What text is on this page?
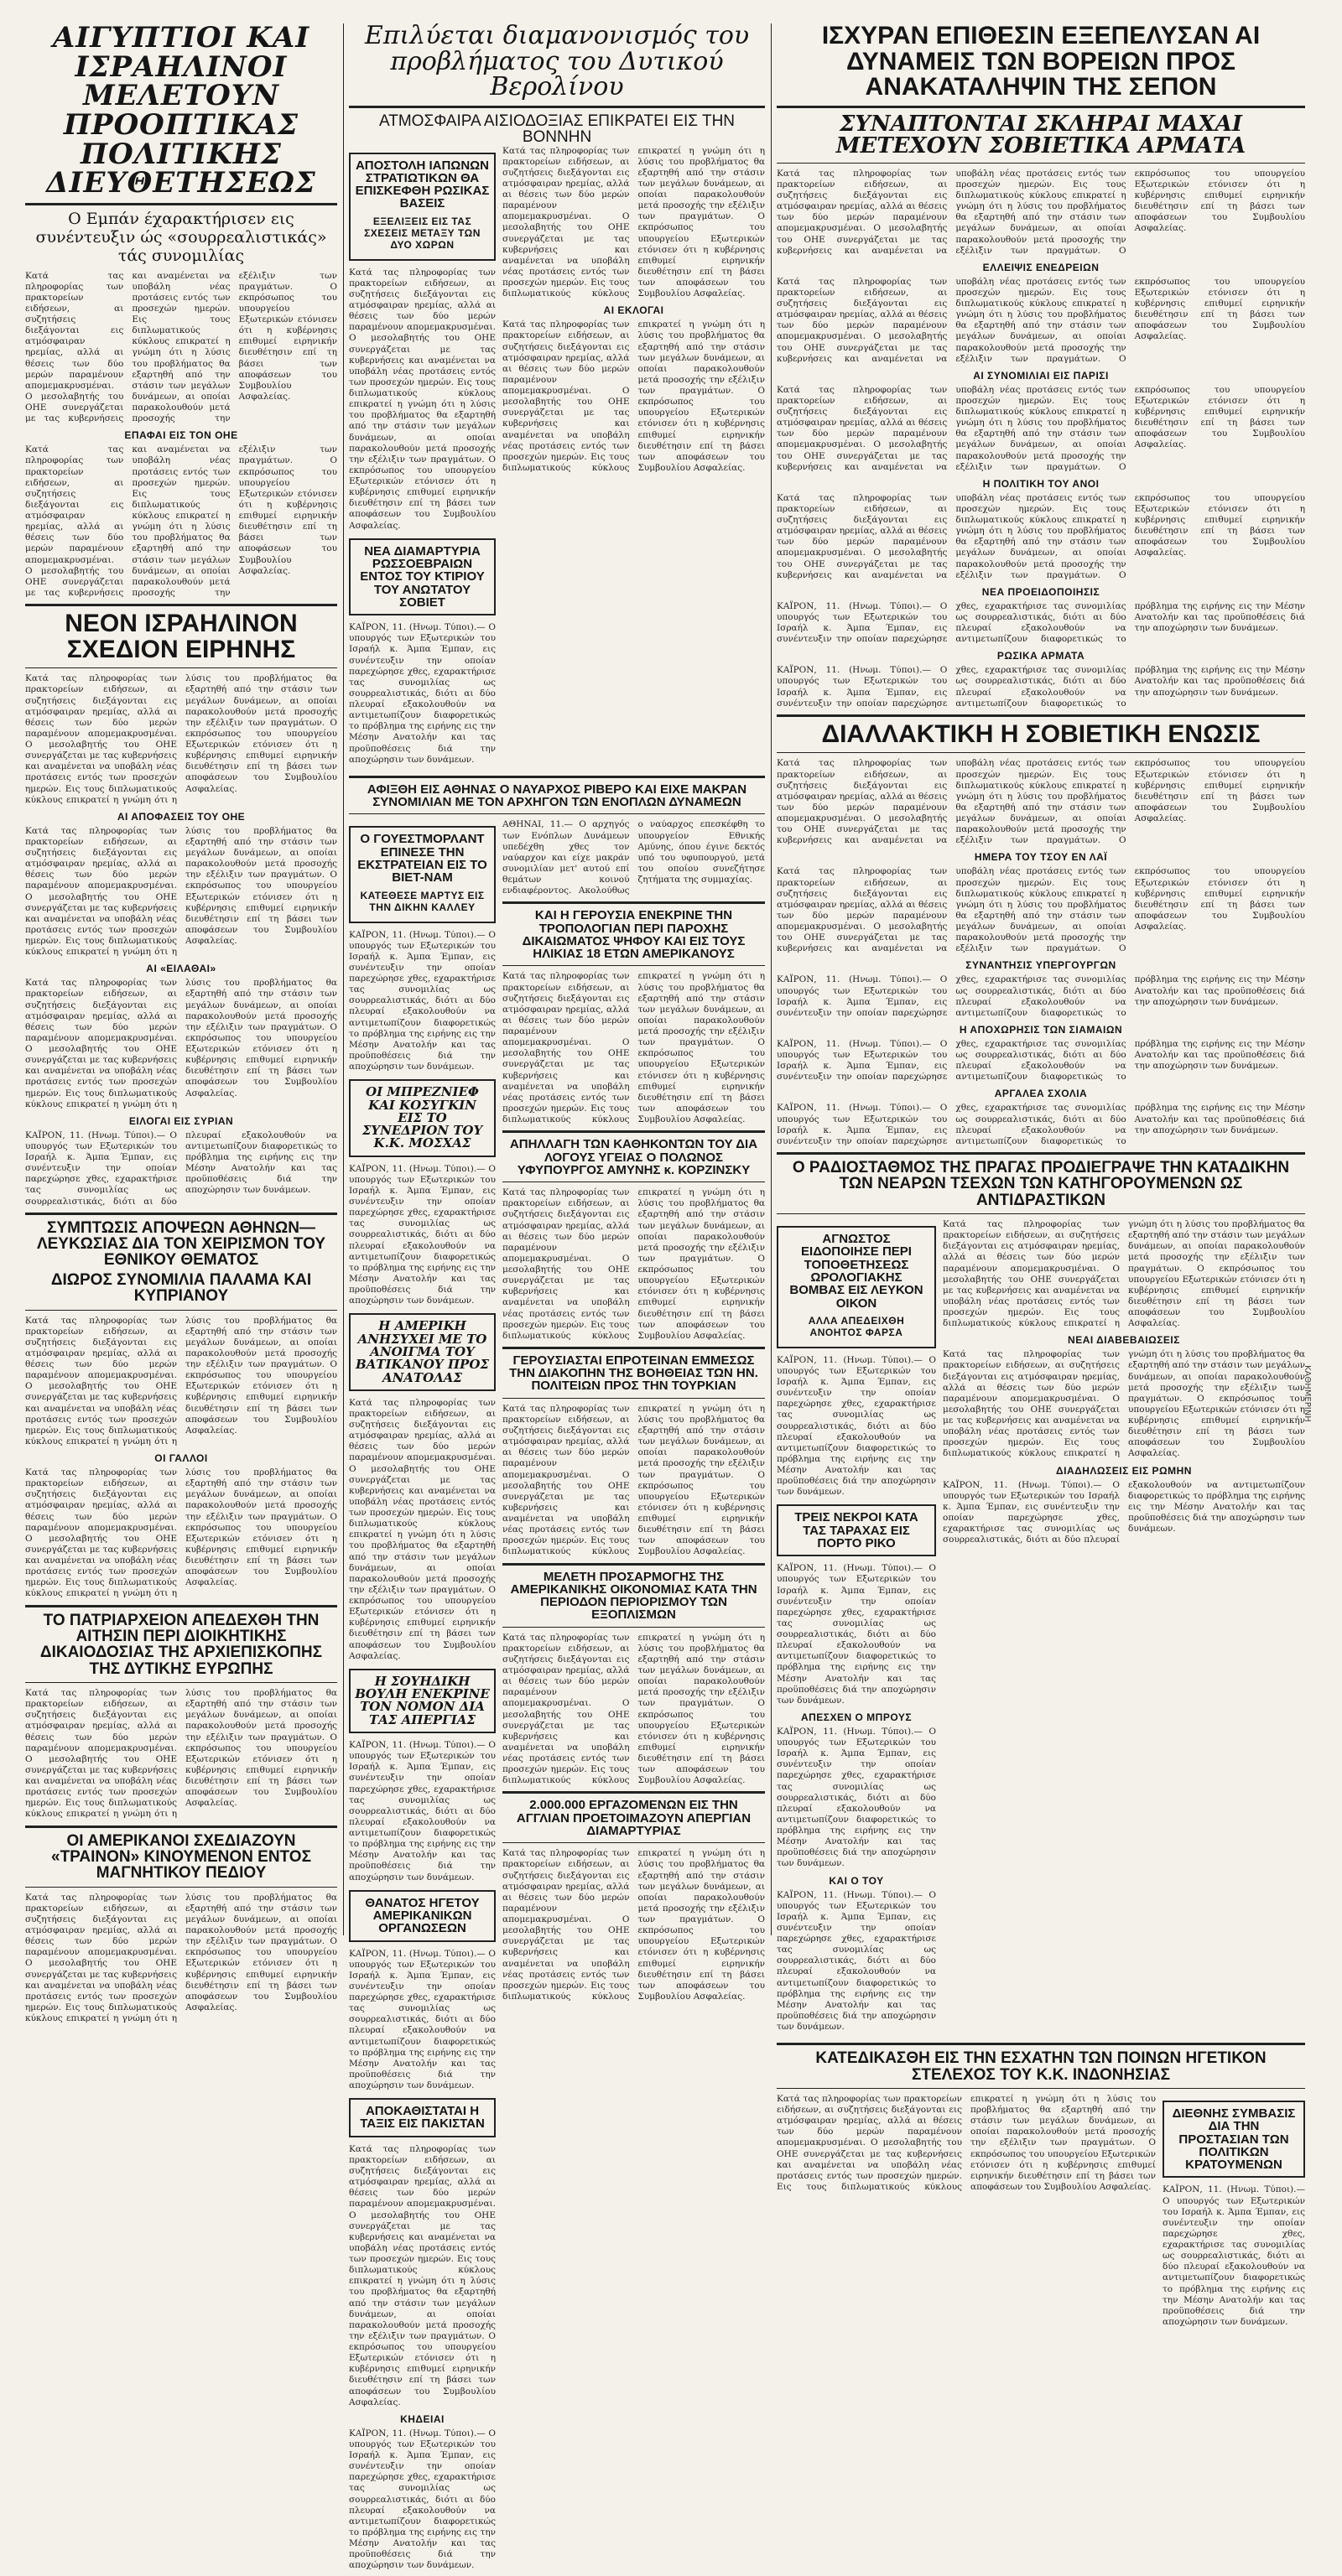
ΑΙΓΥΠΤΙΟΙ ΚΑΙ ΙΣΡΑΗΛΙΝΟΙ ΜΕΛΕΤΟΥΝ ΠΡΟΟΠΤΙΚΑΣ ΠΟΛΙΤΙΚΗΣ ΔΙΕΥΘΕΤΗΣΕΩΣ

Ο Εμπάν έχαρακτήρισεν εις συνέντευξιν ώς «σουρρεαλιστικάς» τάς συνομιλίας

Κατά τας πληροφορίας των πρακτορείων ειδήσεων, αι συζητήσεις διεξάγονται εις ατμόσφαιραν ηρεμίας, αλλά αι θέσεις των δύο μερών παραμένουν απομεμακρυσμέναι. Ο μεσολαβητής του ΟΗΕ συνεργάζεται με τας κυβερνήσεις και αναμένεται να υποβάλη νέας προτάσεις εντός των προσεχών ημερών. Εις τους διπλωματικούς κύκλους επικρατεί η γνώμη ότι η λύσις του προβλήματος θα εξαρτηθή από την στάσιν των μεγάλων δυνάμεων, αι οποίαι παρακολουθούν μετά προσοχής την εξέλιξιν των πραγμάτων. Ο εκπρόσωπος του υπουργείου Εξωτερικών ετόνισεν ότι η κυβέρνησις επιθυμεί ειρηνικήν διευθέτησιν επί τη βάσει των αποφάσεων του Συμβουλίου Ασφαλείας.
ΕΠΑΦΑΙ ΕΙΣ ΤΟΝ ΟΗΕ
Κατά τας πληροφορίας των πρακτορείων ειδήσεων, αι συζητήσεις διεξάγονται εις ατμόσφαιραν ηρεμίας, αλλά αι θέσεις των δύο μερών παραμένουν απομεμακρυσμέναι. Ο μεσολαβητής του ΟΗΕ συνεργάζεται με τας κυβερνήσεις και αναμένεται να υποβάλη νέας προτάσεις εντός των προσεχών ημερών. Εις τους διπλωματικούς κύκλους επικρατεί η γνώμη ότι η λύσις του προβλήματος θα εξαρτηθή από την στάσιν των μεγάλων δυνάμεων, αι οποίαι παρακολουθούν μετά προσοχής την εξέλιξιν των πραγμάτων. Ο εκπρόσωπος του υπουργείου Εξωτερικών ετόνισεν ότι η κυβέρνησις επιθυμεί ειρηνικήν διευθέτησιν επί τη βάσει των αποφάσεων του Συμβουλίου Ασφαλείας.
ΝΕΟΝ ΙΣΡΑΗΛΙΝΟΝ ΣΧΕΔΙΟΝ ΕΙΡΗΝΗΣ
Κατά τας πληροφορίας των πρακτορείων ειδήσεων, αι συζητήσεις διεξάγονται εις ατμόσφαιραν ηρεμίας, αλλά αι θέσεις των δύο μερών παραμένουν απομεμακρυσμέναι. Ο μεσολαβητής του ΟΗΕ συνεργάζεται με τας κυβερνήσεις και αναμένεται να υποβάλη νέας προτάσεις εντός των προσεχών ημερών. Εις τους διπλωματικούς κύκλους επικρατεί η γνώμη ότι η λύσις του προβλήματος θα εξαρτηθή από την στάσιν των μεγάλων δυνάμεων, αι οποίαι παρακολουθούν μετά προσοχής την εξέλιξιν των πραγμάτων. Ο εκπρόσωπος του υπουργείου Εξωτερικών ετόνισεν ότι η κυβέρνησις επιθυμεί ειρηνικήν διευθέτησιν επί τη βάσει των αποφάσεων του Συμβουλίου Ασφαλείας.
ΑΙ ΑΠΟΦΑΣΕΙΣ ΤΟΥ ΟΗΕ
Κατά τας πληροφορίας των πρακτορείων ειδήσεων, αι συζητήσεις διεξάγονται εις ατμόσφαιραν ηρεμίας, αλλά αι θέσεις των δύο μερών παραμένουν απομεμακρυσμέναι. Ο μεσολαβητής του ΟΗΕ συνεργάζεται με τας κυβερνήσεις και αναμένεται να υποβάλη νέας προτάσεις εντός των προσεχών ημερών. Εις τους διπλωματικούς κύκλους επικρατεί η γνώμη ότι η λύσις του προβλήματος θα εξαρτηθή από την στάσιν των μεγάλων δυνάμεων, αι οποίαι παρακολουθούν μετά προσοχής την εξέλιξιν των πραγμάτων. Ο εκπρόσωπος του υπουργείου Εξωτερικών ετόνισεν ότι η κυβέρνησις επιθυμεί ειρηνικήν διευθέτησιν επί τη βάσει των αποφάσεων του Συμβουλίου Ασφαλείας.
ΑΙ «ΕΙΛΑΘΑΙ»
Κατά τας πληροφορίας των πρακτορείων ειδήσεων, αι συζητήσεις διεξάγονται εις ατμόσφαιραν ηρεμίας, αλλά αι θέσεις των δύο μερών παραμένουν απομεμακρυσμέναι. Ο μεσολαβητής του ΟΗΕ συνεργάζεται με τας κυβερνήσεις και αναμένεται να υποβάλη νέας προτάσεις εντός των προσεχών ημερών. Εις τους διπλωματικούς κύκλους επικρατεί η γνώμη ότι η λύσις του προβλήματος θα εξαρτηθή από την στάσιν των μεγάλων δυνάμεων, αι οποίαι παρακολουθούν μετά προσοχής την εξέλιξιν των πραγμάτων. Ο εκπρόσωπος του υπουργείου Εξωτερικών ετόνισεν ότι η κυβέρνησις επιθυμεί ειρηνικήν διευθέτησιν επί τη βάσει των αποφάσεων του Συμβουλίου Ασφαλείας.
ΕΙΛΟΓΑΙ ΕΙΣ ΣΥΡΙΑΝ
ΚΑΪΡΟΝ, 11. (Ηνωμ. Τύποι).— Ο υπουργός των Εξωτερικών του Ισραήλ κ. Άμπα Έμπαν, εις συνέντευξιν την οποίαν παρεχώρησε χθες, εχαρακτήρισε τας συνομιλίας ως σουρρεαλιστικάς, διότι αι δύο πλευραί εξακολουθούν να αντιμετωπίζουν διαφορετικώς το πρόβλημα της ειρήνης εις την Μέσην Ανατολήν και τας προϋποθέσεις διά την αποχώρησιν των δυνάμεων.
ΣΥΜΠΤΩΣΙΣ ΑΠΟΨΕΩΝ ΑΘΗΝΩΝ—ΛΕΥΚΩΣΙΑΣ ΔΙΑ ΤΟΝ ΧΕΙΡΙΣΜΟΝ ΤΟΥ ΕΘΝΙΚΟΥ ΘΕΜΑΤΟΣ
ΔΙΩΡΟΣ ΣΥΝΟΜΙΛΙΑ ΠΑΛΑΜΑ ΚΑΙ ΚΥΠΡΙΑΝΟΥ
Κατά τας πληροφορίας των πρακτορείων ειδήσεων, αι συζητήσεις διεξάγονται εις ατμόσφαιραν ηρεμίας, αλλά αι θέσεις των δύο μερών παραμένουν απομεμακρυσμέναι. Ο μεσολαβητής του ΟΗΕ συνεργάζεται με τας κυβερνήσεις και αναμένεται να υποβάλη νέας προτάσεις εντός των προσεχών ημερών. Εις τους διπλωματικούς κύκλους επικρατεί η γνώμη ότι η λύσις του προβλήματος θα εξαρτηθή από την στάσιν των μεγάλων δυνάμεων, αι οποίαι παρακολουθούν μετά προσοχής την εξέλιξιν των πραγμάτων. Ο εκπρόσωπος του υπουργείου Εξωτερικών ετόνισεν ότι η κυβέρνησις επιθυμεί ειρηνικήν διευθέτησιν επί τη βάσει των αποφάσεων του Συμβουλίου Ασφαλείας.
ΟΙ ΓΑΛΛΟΙ
Κατά τας πληροφορίας των πρακτορείων ειδήσεων, αι συζητήσεις διεξάγονται εις ατμόσφαιραν ηρεμίας, αλλά αι θέσεις των δύο μερών παραμένουν απομεμακρυσμέναι. Ο μεσολαβητής του ΟΗΕ συνεργάζεται με τας κυβερνήσεις και αναμένεται να υποβάλη νέας προτάσεις εντός των προσεχών ημερών. Εις τους διπλωματικούς κύκλους επικρατεί η γνώμη ότι η λύσις του προβλήματος θα εξαρτηθή από την στάσιν των μεγάλων δυνάμεων, αι οποίαι παρακολουθούν μετά προσοχής την εξέλιξιν των πραγμάτων. Ο εκπρόσωπος του υπουργείου Εξωτερικών ετόνισεν ότι η κυβέρνησις επιθυμεί ειρηνικήν διευθέτησιν επί τη βάσει των αποφάσεων του Συμβουλίου Ασφαλείας.
ΤΟ ΠΑΤΡΙΑΡΧΕΙΟΝ ΑΠΕΔΕΧΘΗ ΤΗΝ ΑΙΤΗΣΙΝ ΠΕΡΙ ΔΙΟΙΚΗΤΙΚΗΣ ΔΙΚΑΙΟΔΟΣΙΑΣ ΤΗΣ ΑΡΧΙΕΠΙΣΚΟΠΗΣ ΤΗΣ ΔΥΤΙΚΗΣ ΕΥΡΩΠΗΣ
Κατά τας πληροφορίας των πρακτορείων ειδήσεων, αι συζητήσεις διεξάγονται εις ατμόσφαιραν ηρεμίας, αλλά αι θέσεις των δύο μερών παραμένουν απομεμακρυσμέναι. Ο μεσολαβητής του ΟΗΕ συνεργάζεται με τας κυβερνήσεις και αναμένεται να υποβάλη νέας προτάσεις εντός των προσεχών ημερών. Εις τους διπλωματικούς κύκλους επικρατεί η γνώμη ότι η λύσις του προβλήματος θα εξαρτηθή από την στάσιν των μεγάλων δυνάμεων, αι οποίαι παρακολουθούν μετά προσοχής την εξέλιξιν των πραγμάτων. Ο εκπρόσωπος του υπουργείου Εξωτερικών ετόνισεν ότι η κυβέρνησις επιθυμεί ειρηνικήν διευθέτησιν επί τη βάσει των αποφάσεων του Συμβουλίου Ασφαλείας.
ΟΙ ΑΜΕΡΙΚΑΝΟΙ ΣΧΕΔΙΑΖΟΥΝ «ΤΡΑΙΝΟΝ» ΚΙΝΟΥΜΕΝΟΝ ΕΝΤΟΣ ΜΑΓΝΗΤΙΚΟΥ ΠΕΔΙΟΥ
Κατά τας πληροφορίας των πρακτορείων ειδήσεων, αι συζητήσεις διεξάγονται εις ατμόσφαιραν ηρεμίας, αλλά αι θέσεις των δύο μερών παραμένουν απομεμακρυσμέναι. Ο μεσολαβητής του ΟΗΕ συνεργάζεται με τας κυβερνήσεις και αναμένεται να υποβάλη νέας προτάσεις εντός των προσεχών ημερών. Εις τους διπλωματικούς κύκλους επικρατεί η γνώμη ότι η λύσις του προβλήματος θα εξαρτηθή από την στάσιν των μεγάλων δυνάμεων, αι οποίαι παρακολουθούν μετά προσοχής την εξέλιξιν των πραγμάτων. Ο εκπρόσωπος του υπουργείου Εξωτερικών ετόνισεν ότι η κυβέρνησις επιθυμεί ειρηνικήν διευθέτησιν επί τη βάσει των αποφάσεων του Συμβουλίου Ασφαλείας.
Επιλύεται διαμανονισμός του προβλήματος του Δυτικού Βερολίνου
ΑΤΜΟΣΦΑΙΡΑ ΑΙΣΙΟΔΟΞΙΑΣ ΕΠΙΚΡΑΤΕΙ ΕΙΣ ΤΗΝ ΒΟΝΝΗΝ
ΑΠΟΣΤΟΛΗ ΙΑΠΩΝΩΝ ΣΤΡΑΤΙΩΤΙΚΩΝ ΘΑ ΕΠΙΣΚΕΦΘΗ ΡΩΣΙΚΑΣ ΒΑΣΕΙΣ
ΕΞΕΛΙΞΕΙΣ ΕΙΣ ΤΑΣ ΣΧΕΣΕΙΣ ΜΕΤΑΞΥ ΤΩΝ ΔΥΟ ΧΩΡΩΝ
Κατά τας πληροφορίας των πρακτορείων ειδήσεων, αι συζητήσεις διεξάγονται εις ατμόσφαιραν ηρεμίας, αλλά αι θέσεις των δύο μερών παραμένουν απομεμακρυσμέναι. Ο μεσολαβητής του ΟΗΕ συνεργάζεται με τας κυβερνήσεις και αναμένεται να υποβάλη νέας προτάσεις εντός των προσεχών ημερών. Εις τους διπλωματικούς κύκλους επικρατεί η γνώμη ότι η λύσις του προβλήματος θα εξαρτηθή από την στάσιν των μεγάλων δυνάμεων, αι οποίαι παρακολουθούν μετά προσοχής την εξέλιξιν των πραγμάτων. Ο εκπρόσωπος του υπουργείου Εξωτερικών ετόνισεν ότι η κυβέρνησις επιθυμεί ειρηνικήν διευθέτησιν επί τη βάσει των αποφάσεων του Συμβουλίου Ασφαλείας.
ΝΕΑ ΔΙΑΜΑΡΤΥΡΙΑ ΡΩΣΣΟΕΒΡΑΙΩΝ ΕΝΤΟΣ ΤΟΥ ΚΤΙΡΙΟΥ ΤΟΥ ΑΝΩΤΑΤΟΥ ΣΟΒΙΕΤ
ΚΑΪΡΟΝ, 11. (Ηνωμ. Τύποι).— Ο υπουργός των Εξωτερικών του Ισραήλ κ. Άμπα Έμπαν, εις συνέντευξιν την οποίαν παρεχώρησε χθες, εχαρακτήρισε τας συνομιλίας ως σουρρεαλιστικάς, διότι αι δύο πλευραί εξακολουθούν να αντιμετωπίζουν διαφορετικώς το πρόβλημα της ειρήνης εις την Μέσην Ανατολήν και τας προϋποθέσεις διά την αποχώρησιν των δυνάμεων.
Κατά τας πληροφορίας των πρακτορείων ειδήσεων, αι συζητήσεις διεξάγονται εις ατμόσφαιραν ηρεμίας, αλλά αι θέσεις των δύο μερών παραμένουν απομεμακρυσμέναι. Ο μεσολαβητής του ΟΗΕ συνεργάζεται με τας κυβερνήσεις και αναμένεται να υποβάλη νέας προτάσεις εντός των προσεχών ημερών. Εις τους διπλωματικούς κύκλους επικρατεί η γνώμη ότι η λύσις του προβλήματος θα εξαρτηθή από την στάσιν των μεγάλων δυνάμεων, αι οποίαι παρακολουθούν μετά προσοχής την εξέλιξιν των πραγμάτων. Ο εκπρόσωπος του υπουργείου Εξωτερικών ετόνισεν ότι η κυβέρνησις επιθυμεί ειρηνικήν διευθέτησιν επί τη βάσει των αποφάσεων του Συμβουλίου Ασφαλείας.
ΑΙ ΕΚΛΟΓΑΙ
Κατά τας πληροφορίας των πρακτορείων ειδήσεων, αι συζητήσεις διεξάγονται εις ατμόσφαιραν ηρεμίας, αλλά αι θέσεις των δύο μερών παραμένουν απομεμακρυσμέναι. Ο μεσολαβητής του ΟΗΕ συνεργάζεται με τας κυβερνήσεις και αναμένεται να υποβάλη νέας προτάσεις εντός των προσεχών ημερών. Εις τους διπλωματικούς κύκλους επικρατεί η γνώμη ότι η λύσις του προβλήματος θα εξαρτηθή από την στάσιν των μεγάλων δυνάμεων, αι οποίαι παρακολουθούν μετά προσοχής την εξέλιξιν των πραγμάτων. Ο εκπρόσωπος του υπουργείου Εξωτερικών ετόνισεν ότι η κυβέρνησις επιθυμεί ειρηνικήν διευθέτησιν επί τη βάσει των αποφάσεων του Συμβουλίου Ασφαλείας.
ΑΦΙΞΘΗ ΕΙΣ ΑΘΗΝΑΣ Ο ΝΑΥΑΡΧΟΣ ΡΙΒΕΡΟ ΚΑΙ ΕΙΧΕ ΜΑΚΡΑΝ ΣΥΝΟΜΙΛΙΑΝ ΜΕ ΤΟΝ ΑΡΧΗΓΟΝ ΤΩΝ ΕΝΟΠΛΩΝ ΔΥΝΑΜΕΩΝ
Ο ΓΟΥΕΣΤΜΟΡΛΑΝΤ ΕΠΙΝΕΣΕ ΤΗΝ ΕΚΣΤΡΑΤΕΙΑΝ ΕΙΣ ΤΟ ΒΙΕΤ-ΝΑΜ
ΚΑΤΕΘΕΣΕ ΜΑΡΤΥΣ ΕΙΣ ΤΗΝ ΔΙΚΗΝ ΚΑΛΛΕΥ
ΚΑΪΡΟΝ, 11. (Ηνωμ. Τύποι).— Ο υπουργός των Εξωτερικών του Ισραήλ κ. Άμπα Έμπαν, εις συνέντευξιν την οποίαν παρεχώρησε χθες, εχαρακτήρισε τας συνομιλίας ως σουρρεαλιστικάς, διότι αι δύο πλευραί εξακολουθούν να αντιμετωπίζουν διαφορετικώς το πρόβλημα της ειρήνης εις την Μέσην Ανατολήν και τας προϋποθέσεις διά την αποχώρησιν των δυνάμεων.
ΟΙ ΜΠΡΕΖΝΙΕΦ ΚΑΙ ΚΟΣΥΓΚΙΝ ΕΙΣ ΤΟ ΣΥΝΕΔΡΙΟΝ ΤΟΥ Κ.Κ. ΜΟΣΧΑΣ
ΚΑΪΡΟΝ, 11. (Ηνωμ. Τύποι).— Ο υπουργός των Εξωτερικών του Ισραήλ κ. Άμπα Έμπαν, εις συνέντευξιν την οποίαν παρεχώρησε χθες, εχαρακτήρισε τας συνομιλίας ως σουρρεαλιστικάς, διότι αι δύο πλευραί εξακολουθούν να αντιμετωπίζουν διαφορετικώς το πρόβλημα της ειρήνης εις την Μέσην Ανατολήν και τας προϋποθέσεις διά την αποχώρησιν των δυνάμεων.
Η ΑΜΕΡΙΚΗ ΑΝΗΣΥΧΕΙ ΜΕ ΤΟ ΑΝΟΙΓΜΑ ΤΟΥ ΒΑΤΙΚΑΝΟΥ ΠΡΟΣ ΑΝΑΤΟΛΑΣ
Κατά τας πληροφορίας των πρακτορείων ειδήσεων, αι συζητήσεις διεξάγονται εις ατμόσφαιραν ηρεμίας, αλλά αι θέσεις των δύο μερών παραμένουν απομεμακρυσμέναι. Ο μεσολαβητής του ΟΗΕ συνεργάζεται με τας κυβερνήσεις και αναμένεται να υποβάλη νέας προτάσεις εντός των προσεχών ημερών. Εις τους διπλωματικούς κύκλους επικρατεί η γνώμη ότι η λύσις του προβλήματος θα εξαρτηθή από την στάσιν των μεγάλων δυνάμεων, αι οποίαι παρακολουθούν μετά προσοχής την εξέλιξιν των πραγμάτων. Ο εκπρόσωπος του υπουργείου Εξωτερικών ετόνισεν ότι η κυβέρνησις επιθυμεί ειρηνικήν διευθέτησιν επί τη βάσει των αποφάσεων του Συμβουλίου Ασφαλείας.
Η ΣΟΥΗΔΙΚΗ ΒΟΥΛΗ ΕΝΕΚΡΙΝΕ ΤΟΝ ΝΟΜΟΝ ΔΙΑ ΤΑΣ ΑΠΕΡΓΙΑΣ
ΚΑΪΡΟΝ, 11. (Ηνωμ. Τύποι).— Ο υπουργός των Εξωτερικών του Ισραήλ κ. Άμπα Έμπαν, εις συνέντευξιν την οποίαν παρεχώρησε χθες, εχαρακτήρισε τας συνομιλίας ως σουρρεαλιστικάς, διότι αι δύο πλευραί εξακολουθούν να αντιμετωπίζουν διαφορετικώς το πρόβλημα της ειρήνης εις την Μέσην Ανατολήν και τας προϋποθέσεις διά την αποχώρησιν των δυνάμεων.
ΘΑΝΑΤΟΣ ΗΓΕΤΟΥ ΑΜΕΡΙΚΑΝΙΚΩΝ ΟΡΓΑΝΩΣΕΩΝ
ΚΑΪΡΟΝ, 11. (Ηνωμ. Τύποι).— Ο υπουργός των Εξωτερικών του Ισραήλ κ. Άμπα Έμπαν, εις συνέντευξιν την οποίαν παρεχώρησε χθες, εχαρακτήρισε τας συνομιλίας ως σουρρεαλιστικάς, διότι αι δύο πλευραί εξακολουθούν να αντιμετωπίζουν διαφορετικώς το πρόβλημα της ειρήνης εις την Μέσην Ανατολήν και τας προϋποθέσεις διά την αποχώρησιν των δυνάμεων.
ΑΠΟΚΑΘΙΣΤΑΤΑΙ Η ΤΑΞΙΣ ΕΙΣ ΠΑΚΙΣΤΑΝ
Κατά τας πληροφορίας των πρακτορείων ειδήσεων, αι συζητήσεις διεξάγονται εις ατμόσφαιραν ηρεμίας, αλλά αι θέσεις των δύο μερών παραμένουν απομεμακρυσμέναι. Ο μεσολαβητής του ΟΗΕ συνεργάζεται με τας κυβερνήσεις και αναμένεται να υποβάλη νέας προτάσεις εντός των προσεχών ημερών. Εις τους διπλωματικούς κύκλους επικρατεί η γνώμη ότι η λύσις του προβλήματος θα εξαρτηθή από την στάσιν των μεγάλων δυνάμεων, αι οποίαι παρακολουθούν μετά προσοχής την εξέλιξιν των πραγμάτων. Ο εκπρόσωπος του υπουργείου Εξωτερικών ετόνισεν ότι η κυβέρνησις επιθυμεί ειρηνικήν διευθέτησιν επί τη βάσει των αποφάσεων του Συμβουλίου Ασφαλείας.
ΚΗΔΕΙΑΙ
ΚΑΪΡΟΝ, 11. (Ηνωμ. Τύποι).— Ο υπουργός των Εξωτερικών του Ισραήλ κ. Άμπα Έμπαν, εις συνέντευξιν την οποίαν παρεχώρησε χθες, εχαρακτήρισε τας συνομιλίας ως σουρρεαλιστικάς, διότι αι δύο πλευραί εξακολουθούν να αντιμετωπίζουν διαφορετικώς το πρόβλημα της ειρήνης εις την Μέσην Ανατολήν και τας προϋποθέσεις διά την αποχώρησιν των δυνάμεων.
ΑΘΗΝΑΙ, 11.— Ο αρχηγός των Ενόπλων Δυνάμεων υπεδέχθη χθες τον ναύαρχον και είχε μακράν συνομιλίαν μετ' αυτού επί θεμάτων κοινού ενδιαφέροντος. Ακολούθως ο ναύαρχος επεσκέφθη το υπουργείον Εθνικής Αμύνης, όπου έγινε δεκτός υπό του υφυπουργού, μετά του οποίου συνεζήτησε ζητήματα της συμμαχίας.
ΚΑΙ Η ΓΕΡΟΥΣΙΑ ΕΝΕΚΡΙΝΕ ΤΗΝ ΤΡΟΠΟΛΟΓΙΑΝ ΠΕΡΙ ΠΑΡΟΧΗΣ ΔΙΚΑΙΩΜΑΤΟΣ ΨΗΦΟΥ ΚΑΙ ΕΙΣ ΤΟΥΣ ΗΛΙΚΙΑΣ 18 ΕΤΩΝ ΑΜΕΡΙΚΑΝΟΥΣ
Κατά τας πληροφορίας των πρακτορείων ειδήσεων, αι συζητήσεις διεξάγονται εις ατμόσφαιραν ηρεμίας, αλλά αι θέσεις των δύο μερών παραμένουν απομεμακρυσμέναι. Ο μεσολαβητής του ΟΗΕ συνεργάζεται με τας κυβερνήσεις και αναμένεται να υποβάλη νέας προτάσεις εντός των προσεχών ημερών. Εις τους διπλωματικούς κύκλους επικρατεί η γνώμη ότι η λύσις του προβλήματος θα εξαρτηθή από την στάσιν των μεγάλων δυνάμεων, αι οποίαι παρακολουθούν μετά προσοχής την εξέλιξιν των πραγμάτων. Ο εκπρόσωπος του υπουργείου Εξωτερικών ετόνισεν ότι η κυβέρνησις επιθυμεί ειρηνικήν διευθέτησιν επί τη βάσει των αποφάσεων του Συμβουλίου Ασφαλείας.
ΑΠΗΛΛΑΓΗ ΤΩΝ ΚΑΘΗΚΟΝΤΩΝ ΤΟΥ ΔΙΑ ΛΟΓΟΥΣ ΥΓΕΙΑΣ Ο ΠΟΛΩΝΟΣ ΥΦΥΠΟΥΡΓΟΣ ΑΜΥΝΗΣ κ. ΚΟΡΖΙΝΣΚΥ
Κατά τας πληροφορίας των πρακτορείων ειδήσεων, αι συζητήσεις διεξάγονται εις ατμόσφαιραν ηρεμίας, αλλά αι θέσεις των δύο μερών παραμένουν απομεμακρυσμέναι. Ο μεσολαβητής του ΟΗΕ συνεργάζεται με τας κυβερνήσεις και αναμένεται να υποβάλη νέας προτάσεις εντός των προσεχών ημερών. Εις τους διπλωματικούς κύκλους επικρατεί η γνώμη ότι η λύσις του προβλήματος θα εξαρτηθή από την στάσιν των μεγάλων δυνάμεων, αι οποίαι παρακολουθούν μετά προσοχής την εξέλιξιν των πραγμάτων. Ο εκπρόσωπος του υπουργείου Εξωτερικών ετόνισεν ότι η κυβέρνησις επιθυμεί ειρηνικήν διευθέτησιν επί τη βάσει των αποφάσεων του Συμβουλίου Ασφαλείας.
ΓΕΡΟΥΣΙΑΣΤΑΙ ΕΠΡΟΤΕΙΝΑΝ ΕΜΜΕΣΩΣ ΤΗΝ ΔΙΑΚΟΠΗΝ ΤΗΣ ΒΟΗΘΕΙΑΣ ΤΩΝ ΗΝ. ΠΟΛΙΤΕΙΩΝ ΠΡΟΣ ΤΗΝ ΤΟΥΡΚΙΑΝ
Κατά τας πληροφορίας των πρακτορείων ειδήσεων, αι συζητήσεις διεξάγονται εις ατμόσφαιραν ηρεμίας, αλλά αι θέσεις των δύο μερών παραμένουν απομεμακρυσμέναι. Ο μεσολαβητής του ΟΗΕ συνεργάζεται με τας κυβερνήσεις και αναμένεται να υποβάλη νέας προτάσεις εντός των προσεχών ημερών. Εις τους διπλωματικούς κύκλους επικρατεί η γνώμη ότι η λύσις του προβλήματος θα εξαρτηθή από την στάσιν των μεγάλων δυνάμεων, αι οποίαι παρακολουθούν μετά προσοχής την εξέλιξιν των πραγμάτων. Ο εκπρόσωπος του υπουργείου Εξωτερικών ετόνισεν ότι η κυβέρνησις επιθυμεί ειρηνικήν διευθέτησιν επί τη βάσει των αποφάσεων του Συμβουλίου Ασφαλείας.
ΜΕΛΕΤΗ ΠΡΟΣΑΡΜΟΓΗΣ ΤΗΣ ΑΜΕΡΙΚΑΝΙΚΗΣ ΟΙΚΟΝΟΜΙΑΣ ΚΑΤΑ ΤΗΝ ΠΕΡΙΟΔΟΝ ΠΕΡΙΟΡΙΣΜΟΥ ΤΩΝ ΕΞΟΠΛΙΣΜΩΝ
Κατά τας πληροφορίας των πρακτορείων ειδήσεων, αι συζητήσεις διεξάγονται εις ατμόσφαιραν ηρεμίας, αλλά αι θέσεις των δύο μερών παραμένουν απομεμακρυσμέναι. Ο μεσολαβητής του ΟΗΕ συνεργάζεται με τας κυβερνήσεις και αναμένεται να υποβάλη νέας προτάσεις εντός των προσεχών ημερών. Εις τους διπλωματικούς κύκλους επικρατεί η γνώμη ότι η λύσις του προβλήματος θα εξαρτηθή από την στάσιν των μεγάλων δυνάμεων, αι οποίαι παρακολουθούν μετά προσοχής την εξέλιξιν των πραγμάτων. Ο εκπρόσωπος του υπουργείου Εξωτερικών ετόνισεν ότι η κυβέρνησις επιθυμεί ειρηνικήν διευθέτησιν επί τη βάσει των αποφάσεων του Συμβουλίου Ασφαλείας.
2.000.000 ΕΡΓΑΖΟΜΕΝΩΝ ΕΙΣ ΤΗΝ ΑΓΓΛΙΑΝ ΠΡΟΕΤΟΙΜΑΖΟΥΝ ΑΠΕΡΓΙΑΝ ΔΙΑΜΑΡΤΥΡΙΑΣ
Κατά τας πληροφορίας των πρακτορείων ειδήσεων, αι συζητήσεις διεξάγονται εις ατμόσφαιραν ηρεμίας, αλλά αι θέσεις των δύο μερών παραμένουν απομεμακρυσμέναι. Ο μεσολαβητής του ΟΗΕ συνεργάζεται με τας κυβερνήσεις και αναμένεται να υποβάλη νέας προτάσεις εντός των προσεχών ημερών. Εις τους διπλωματικούς κύκλους επικρατεί η γνώμη ότι η λύσις του προβλήματος θα εξαρτηθή από την στάσιν των μεγάλων δυνάμεων, αι οποίαι παρακολουθούν μετά προσοχής την εξέλιξιν των πραγμάτων. Ο εκπρόσωπος του υπουργείου Εξωτερικών ετόνισεν ότι η κυβέρνησις επιθυμεί ειρηνικήν διευθέτησιν επί τη βάσει των αποφάσεων του Συμβουλίου Ασφαλείας.
ΙΣΧΥΡΑΝ ΕΠΙΘΕΣΙΝ ΕΞΕΠΕΛΥΣΑΝ ΑΙ ΔΥΝΑΜΕΙΣ ΤΩΝ ΒΟΡΕΙΩΝ ΠΡΟΣ ΑΝΑΚΑΤΑΛΗΨΙΝ ΤΗΣ ΣΕΠΟΝ
ΣΥΝΑΠΤΟΝΤΑΙ ΣΚΛΗΡΑΙ ΜΑΧΑΙ ΜΕΤΕΧΟΥΝ ΣΟΒΙΕΤΙΚΑ ΑΡΜΑΤΑ
Κατά τας πληροφορίας των πρακτορείων ειδήσεων, αι συζητήσεις διεξάγονται εις ατμόσφαιραν ηρεμίας, αλλά αι θέσεις των δύο μερών παραμένουν απομεμακρυσμέναι. Ο μεσολαβητής του ΟΗΕ συνεργάζεται με τας κυβερνήσεις και αναμένεται να υποβάλη νέας προτάσεις εντός των προσεχών ημερών. Εις τους διπλωματικούς κύκλους επικρατεί η γνώμη ότι η λύσις του προβλήματος θα εξαρτηθή από την στάσιν των μεγάλων δυνάμεων, αι οποίαι παρακολουθούν μετά προσοχής την εξέλιξιν των πραγμάτων. Ο εκπρόσωπος του υπουργείου Εξωτερικών ετόνισεν ότι η κυβέρνησις επιθυμεί ειρηνικήν διευθέτησιν επί τη βάσει των αποφάσεων του Συμβουλίου Ασφαλείας.
ΕΛΛΕΙΨΙΣ ΕΝΕΔΡΕΙΩΝ
Κατά τας πληροφορίας των πρακτορείων ειδήσεων, αι συζητήσεις διεξάγονται εις ατμόσφαιραν ηρεμίας, αλλά αι θέσεις των δύο μερών παραμένουν απομεμακρυσμέναι. Ο μεσολαβητής του ΟΗΕ συνεργάζεται με τας κυβερνήσεις και αναμένεται να υποβάλη νέας προτάσεις εντός των προσεχών ημερών. Εις τους διπλωματικούς κύκλους επικρατεί η γνώμη ότι η λύσις του προβλήματος θα εξαρτηθή από την στάσιν των μεγάλων δυνάμεων, αι οποίαι παρακολουθούν μετά προσοχής την εξέλιξιν των πραγμάτων. Ο εκπρόσωπος του υπουργείου Εξωτερικών ετόνισεν ότι η κυβέρνησις επιθυμεί ειρηνικήν διευθέτησιν επί τη βάσει των αποφάσεων του Συμβουλίου Ασφαλείας.
ΑΙ ΣΥΝΟΜΙΛΙΑΙ ΕΙΣ ΠΑΡΙΣΙ
Κατά τας πληροφορίας των πρακτορείων ειδήσεων, αι συζητήσεις διεξάγονται εις ατμόσφαιραν ηρεμίας, αλλά αι θέσεις των δύο μερών παραμένουν απομεμακρυσμέναι. Ο μεσολαβητής του ΟΗΕ συνεργάζεται με τας κυβερνήσεις και αναμένεται να υποβάλη νέας προτάσεις εντός των προσεχών ημερών. Εις τους διπλωματικούς κύκλους επικρατεί η γνώμη ότι η λύσις του προβλήματος θα εξαρτηθή από την στάσιν των μεγάλων δυνάμεων, αι οποίαι παρακολουθούν μετά προσοχής την εξέλιξιν των πραγμάτων. Ο εκπρόσωπος του υπουργείου Εξωτερικών ετόνισεν ότι η κυβέρνησις επιθυμεί ειρηνικήν διευθέτησιν επί τη βάσει των αποφάσεων του Συμβουλίου Ασφαλείας.
Η ΠΟΛΙΤΙΚΗ ΤΟΥ ΑΝΟΙ
Κατά τας πληροφορίας των πρακτορείων ειδήσεων, αι συζητήσεις διεξάγονται εις ατμόσφαιραν ηρεμίας, αλλά αι θέσεις των δύο μερών παραμένουν απομεμακρυσμέναι. Ο μεσολαβητής του ΟΗΕ συνεργάζεται με τας κυβερνήσεις και αναμένεται να υποβάλη νέας προτάσεις εντός των προσεχών ημερών. Εις τους διπλωματικούς κύκλους επικρατεί η γνώμη ότι η λύσις του προβλήματος θα εξαρτηθή από την στάσιν των μεγάλων δυνάμεων, αι οποίαι παρακολουθούν μετά προσοχής την εξέλιξιν των πραγμάτων. Ο εκπρόσωπος του υπουργείου Εξωτερικών ετόνισεν ότι η κυβέρνησις επιθυμεί ειρηνικήν διευθέτησιν επί τη βάσει των αποφάσεων του Συμβουλίου Ασφαλείας.
ΝΕΑ ΠΡΟΕΙΔΟΠΟΙΗΣΙΣ
ΚΑΪΡΟΝ, 11. (Ηνωμ. Τύποι).— Ο υπουργός των Εξωτερικών του Ισραήλ κ. Άμπα Έμπαν, εις συνέντευξιν την οποίαν παρεχώρησε χθες, εχαρακτήρισε τας συνομιλίας ως σουρρεαλιστικάς, διότι αι δύο πλευραί εξακολουθούν να αντιμετωπίζουν διαφορετικώς το πρόβλημα της ειρήνης εις την Μέσην Ανατολήν και τας προϋποθέσεις διά την αποχώρησιν των δυνάμεων.
ΡΩΣΙΚΑ ΑΡΜΑΤΑ
ΚΑΪΡΟΝ, 11. (Ηνωμ. Τύποι).— Ο υπουργός των Εξωτερικών του Ισραήλ κ. Άμπα Έμπαν, εις συνέντευξιν την οποίαν παρεχώρησε χθες, εχαρακτήρισε τας συνομιλίας ως σουρρεαλιστικάς, διότι αι δύο πλευραί εξακολουθούν να αντιμετωπίζουν διαφορετικώς το πρόβλημα της ειρήνης εις την Μέσην Ανατολήν και τας προϋποθέσεις διά την αποχώρησιν των δυνάμεων.
ΔΙΑΛΛΑΚΤΙΚΗ Η ΣΟΒΙΕΤΙΚΗ ΕΝΩΣΙΣ
Κατά τας πληροφορίας των πρακτορείων ειδήσεων, αι συζητήσεις διεξάγονται εις ατμόσφαιραν ηρεμίας, αλλά αι θέσεις των δύο μερών παραμένουν απομεμακρυσμέναι. Ο μεσολαβητής του ΟΗΕ συνεργάζεται με τας κυβερνήσεις και αναμένεται να υποβάλη νέας προτάσεις εντός των προσεχών ημερών. Εις τους διπλωματικούς κύκλους επικρατεί η γνώμη ότι η λύσις του προβλήματος θα εξαρτηθή από την στάσιν των μεγάλων δυνάμεων, αι οποίαι παρακολουθούν μετά προσοχής την εξέλιξιν των πραγμάτων. Ο εκπρόσωπος του υπουργείου Εξωτερικών ετόνισεν ότι η κυβέρνησις επιθυμεί ειρηνικήν διευθέτησιν επί τη βάσει των αποφάσεων του Συμβουλίου Ασφαλείας.
ΗΜΕΡΑ ΤΟΥ ΤΣΟΥ ΕΝ ΛΑΪ
Κατά τας πληροφορίας των πρακτορείων ειδήσεων, αι συζητήσεις διεξάγονται εις ατμόσφαιραν ηρεμίας, αλλά αι θέσεις των δύο μερών παραμένουν απομεμακρυσμέναι. Ο μεσολαβητής του ΟΗΕ συνεργάζεται με τας κυβερνήσεις και αναμένεται να υποβάλη νέας προτάσεις εντός των προσεχών ημερών. Εις τους διπλωματικούς κύκλους επικρατεί η γνώμη ότι η λύσις του προβλήματος θα εξαρτηθή από την στάσιν των μεγάλων δυνάμεων, αι οποίαι παρακολουθούν μετά προσοχής την εξέλιξιν των πραγμάτων. Ο εκπρόσωπος του υπουργείου Εξωτερικών ετόνισεν ότι η κυβέρνησις επιθυμεί ειρηνικήν διευθέτησιν επί τη βάσει των αποφάσεων του Συμβουλίου Ασφαλείας.
ΣΥΝΑΝΤΗΣΙΣ ΥΠΕΡΓΟΥΡΓΩΝ
ΚΑΪΡΟΝ, 11. (Ηνωμ. Τύποι).— Ο υπουργός των Εξωτερικών του Ισραήλ κ. Άμπα Έμπαν, εις συνέντευξιν την οποίαν παρεχώρησε χθες, εχαρακτήρισε τας συνομιλίας ως σουρρεαλιστικάς, διότι αι δύο πλευραί εξακολουθούν να αντιμετωπίζουν διαφορετικώς το πρόβλημα της ειρήνης εις την Μέσην Ανατολήν και τας προϋποθέσεις διά την αποχώρησιν των δυνάμεων.
Η ΑΠΟΧΩΡΗΣΙΣ ΤΩΝ ΣΙΑΜΑΙΩΝ
ΚΑΪΡΟΝ, 11. (Ηνωμ. Τύποι).— Ο υπουργός των Εξωτερικών του Ισραήλ κ. Άμπα Έμπαν, εις συνέντευξιν την οποίαν παρεχώρησε χθες, εχαρακτήρισε τας συνομιλίας ως σουρρεαλιστικάς, διότι αι δύο πλευραί εξακολουθούν να αντιμετωπίζουν διαφορετικώς το πρόβλημα της ειρήνης εις την Μέσην Ανατολήν και τας προϋποθέσεις διά την αποχώρησιν των δυνάμεων.
ΑΡΓΑΛΕΑ ΣΧΟΛΙΑ
ΚΑΪΡΟΝ, 11. (Ηνωμ. Τύποι).— Ο υπουργός των Εξωτερικών του Ισραήλ κ. Άμπα Έμπαν, εις συνέντευξιν την οποίαν παρεχώρησε χθες, εχαρακτήρισε τας συνομιλίας ως σουρρεαλιστικάς, διότι αι δύο πλευραί εξακολουθούν να αντιμετωπίζουν διαφορετικώς το πρόβλημα της ειρήνης εις την Μέσην Ανατολήν και τας προϋποθέσεις διά την αποχώρησιν των δυνάμεων.
Ο ΡΑΔΙΟΣΤΑΘΜΟΣ ΤΗΣ ΠΡΑΓΑΣ ΠΡΟΔΙΕΓΡΑΨΕ ΤΗΝ ΚΑΤΑΔΙΚΗΝ ΤΩΝ ΝΕΑΡΩΝ ΤΣΕΧΩΝ ΤΩΝ ΚΑΤΗΓΟΡΟΥΜΕΝΩΝ ΩΣ ΑΝΤΙΔΡΑΣΤΙΚΩΝ
ΑΓΝΩΣΤΟΣ ΕΙΔΟΠΟΙΗΣΕ ΠΕΡΙ ΤΟΠΟΘΕΤΗΣΕΩΣ ΩΡΟΛΟΓΙΑΚΗΣ ΒΟΜΒΑΣ ΕΙΣ ΛΕΥΚΟΝ ΟΙΚΟΝ
ΑΛΛΑ ΑΠΕΔΕΙΧΘΗ ΑΝΟΗΤΟΣ ΦΑΡΣΑ
ΚΑΪΡΟΝ, 11. (Ηνωμ. Τύποι).— Ο υπουργός των Εξωτερικών του Ισραήλ κ. Άμπα Έμπαν, εις συνέντευξιν την οποίαν παρεχώρησε χθες, εχαρακτήρισε τας συνομιλίας ως σουρρεαλιστικάς, διότι αι δύο πλευραί εξακολουθούν να αντιμετωπίζουν διαφορετικώς το πρόβλημα της ειρήνης εις την Μέσην Ανατολήν και τας προϋποθέσεις διά την αποχώρησιν των δυνάμεων.
ΤΡΕΙΣ ΝΕΚΡΟΙ ΚΑΤΑ ΤΑΣ ΤΑΡΑΧΑΣ ΕΙΣ ΠΟΡΤΟ ΡΙΚΟ
ΚΑΪΡΟΝ, 11. (Ηνωμ. Τύποι).— Ο υπουργός των Εξωτερικών του Ισραήλ κ. Άμπα Έμπαν, εις συνέντευξιν την οποίαν παρεχώρησε χθες, εχαρακτήρισε τας συνομιλίας ως σουρρεαλιστικάς, διότι αι δύο πλευραί εξακολουθούν να αντιμετωπίζουν διαφορετικώς το πρόβλημα της ειρήνης εις την Μέσην Ανατολήν και τας προϋποθέσεις διά την αποχώρησιν των δυνάμεων.
ΑΠΕΣΧΕΝ Ο ΜΠΡΟΥΣ
ΚΑΪΡΟΝ, 11. (Ηνωμ. Τύποι).— Ο υπουργός των Εξωτερικών του Ισραήλ κ. Άμπα Έμπαν, εις συνέντευξιν την οποίαν παρεχώρησε χθες, εχαρακτήρισε τας συνομιλίας ως σουρρεαλιστικάς, διότι αι δύο πλευραί εξακολουθούν να αντιμετωπίζουν διαφορετικώς το πρόβλημα της ειρήνης εις την Μέσην Ανατολήν και τας προϋποθέσεις διά την αποχώρησιν των δυνάμεων.
ΚΑΙ Ο ΤΟΥ
ΚΑΪΡΟΝ, 11. (Ηνωμ. Τύποι).— Ο υπουργός των Εξωτερικών του Ισραήλ κ. Άμπα Έμπαν, εις συνέντευξιν την οποίαν παρεχώρησε χθες, εχαρακτήρισε τας συνομιλίας ως σουρρεαλιστικάς, διότι αι δύο πλευραί εξακολουθούν να αντιμετωπίζουν διαφορετικώς το πρόβλημα της ειρήνης εις την Μέσην Ανατολήν και τας προϋποθέσεις διά την αποχώρησιν των δυνάμεων.
Κατά τας πληροφορίας των πρακτορείων ειδήσεων, αι συζητήσεις διεξάγονται εις ατμόσφαιραν ηρεμίας, αλλά αι θέσεις των δύο μερών παραμένουν απομεμακρυσμέναι. Ο μεσολαβητής του ΟΗΕ συνεργάζεται με τας κυβερνήσεις και αναμένεται να υποβάλη νέας προτάσεις εντός των προσεχών ημερών. Εις τους διπλωματικούς κύκλους επικρατεί η γνώμη ότι η λύσις του προβλήματος θα εξαρτηθή από την στάσιν των μεγάλων δυνάμεων, αι οποίαι παρακολουθούν μετά προσοχής την εξέλιξιν των πραγμάτων. Ο εκπρόσωπος του υπουργείου Εξωτερικών ετόνισεν ότι η κυβέρνησις επιθυμεί ειρηνικήν διευθέτησιν επί τη βάσει των αποφάσεων του Συμβουλίου Ασφαλείας.
ΝΕΑΙ ΔΙΑΒΕΒΑΙΩΣΕΙΣ
Κατά τας πληροφορίας των πρακτορείων ειδήσεων, αι συζητήσεις διεξάγονται εις ατμόσφαιραν ηρεμίας, αλλά αι θέσεις των δύο μερών παραμένουν απομεμακρυσμέναι. Ο μεσολαβητής του ΟΗΕ συνεργάζεται με τας κυβερνήσεις και αναμένεται να υποβάλη νέας προτάσεις εντός των προσεχών ημερών. Εις τους διπλωματικούς κύκλους επικρατεί η γνώμη ότι η λύσις του προβλήματος θα εξαρτηθή από την στάσιν των μεγάλων δυνάμεων, αι οποίαι παρακολουθούν μετά προσοχής την εξέλιξιν των πραγμάτων. Ο εκπρόσωπος του υπουργείου Εξωτερικών ετόνισεν ότι η κυβέρνησις επιθυμεί ειρηνικήν διευθέτησιν επί τη βάσει των αποφάσεων του Συμβουλίου Ασφαλείας.
ΔΙΑΔΗΛΩΣΕΙΣ ΕΙΣ ΡΩΜΗΝ
ΚΑΪΡΟΝ, 11. (Ηνωμ. Τύποι).— Ο υπουργός των Εξωτερικών του Ισραήλ κ. Άμπα Έμπαν, εις συνέντευξιν την οποίαν παρεχώρησε χθες, εχαρακτήρισε τας συνομιλίας ως σουρρεαλιστικάς, διότι αι δύο πλευραί εξακολουθούν να αντιμετωπίζουν διαφορετικώς το πρόβλημα της ειρήνης εις την Μέσην Ανατολήν και τας προϋποθέσεις διά την αποχώρησιν των δυνάμεων.
ΚΑΤΕΔΙΚΑΣΘΗ ΕΙΣ ΤΗΝ ΕΣΧΑΤΗΝ ΤΩΝ ΠΟΙΝΩΝ ΗΓΕΤΙΚΟΝ ΣΤΕΛΕΧΟΣ ΤΟΥ Κ.Κ. ΙΝΔΟΝΗΣΙΑΣ
Κατά τας πληροφορίας των πρακτορείων ειδήσεων, αι συζητήσεις διεξάγονται εις ατμόσφαιραν ηρεμίας, αλλά αι θέσεις των δύο μερών παραμένουν απομεμακρυσμέναι. Ο μεσολαβητής του ΟΗΕ συνεργάζεται με τας κυβερνήσεις και αναμένεται να υποβάλη νέας προτάσεις εντός των προσεχών ημερών. Εις τους διπλωματικούς κύκλους επικρατεί η γνώμη ότι η λύσις του προβλήματος θα εξαρτηθή από την στάσιν των μεγάλων δυνάμεων, αι οποίαι παρακολουθούν μετά προσοχής την εξέλιξιν των πραγμάτων. Ο εκπρόσωπος του υπουργείου Εξωτερικών ετόνισεν ότι η κυβέρνησις επιθυμεί ειρηνικήν διευθέτησιν επί τη βάσει των αποφάσεων του Συμβουλίου Ασφαλείας.
ΔΙΕΘΝΗΣ ΣΥΜΒΑΣΙΣ ΔΙΑ ΤΗΝ ΠΡΟΣΤΑΣΙΑΝ ΤΩΝ ΠΟΛΙΤΙΚΩΝ ΚΡΑΤΟΥΜΕΝΩΝ
ΚΑΪΡΟΝ, 11. (Ηνωμ. Τύποι).— Ο υπουργός των Εξωτερικών του Ισραήλ κ. Άμπα Έμπαν, εις συνέντευξιν την οποίαν παρεχώρησε χθες, εχαρακτήρισε τας συνομιλίας ως σουρρεαλιστικάς, διότι αι δύο πλευραί εξακολουθούν να αντιμετωπίζουν διαφορετικώς το πρόβλημα της ειρήνης εις την Μέσην Ανατολήν και τας προϋποθέσεις διά την αποχώρησιν των δυνάμεων.
ΚΑΘΗΜΕΡΙΝΗ
